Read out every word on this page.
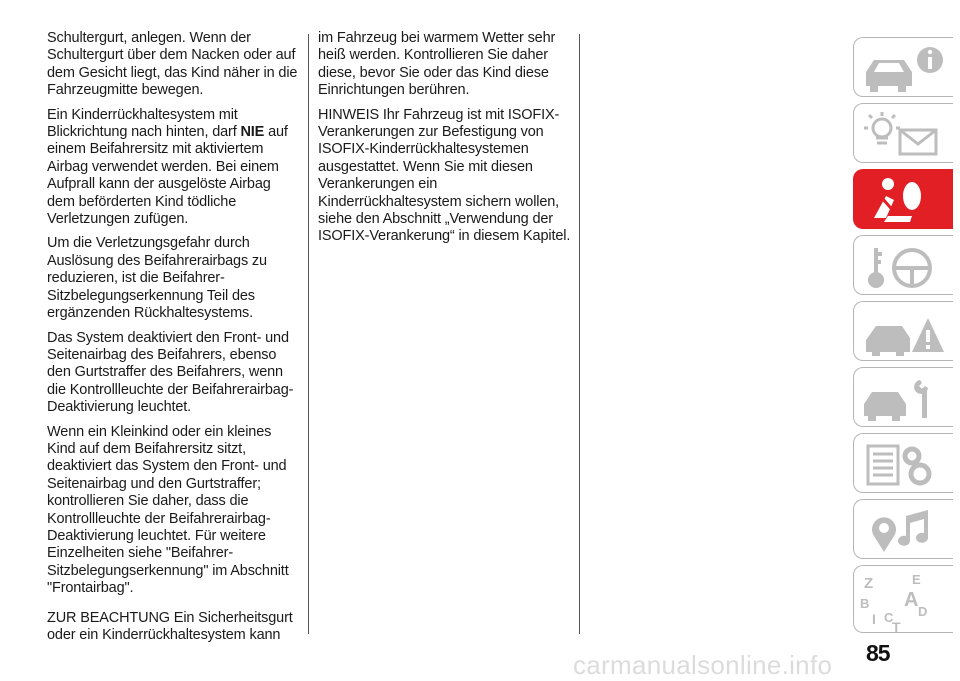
Schultergurt, anlegen. Wenn der Schultergurt über dem Nacken oder auf dem Gesicht liegt, das Kind näher in die Fahrzeugmitte bewegen.

Ein Kinderrückhaltesystem mit Blickrichtung nach hinten, darf NIE auf einem Beifahrersitz mit aktiviertem Airbag verwendet werden. Bei einem Aufprall kann der ausgelöste Airbag dem beförderten Kind tödliche Verletzungen zufügen.

Um die Verletzungsgefahr durch Auslösung des Beifahrerairbags zu reduzieren, ist die Beifahrer-Sitzbelegungserkennung Teil des ergänzenden Rückhaltesystems.

Das System deaktiviert den Front- und Seitenairbag des Beifahrers, ebenso den Gurtstraffer des Beifahrers, wenn die Kontrollleuchte der Beifahrerairbag-Deaktivierung leuchtet.

Wenn ein Kleinkind oder ein kleines Kind auf dem Beifahrersitz sitzt, deaktiviert das System den Front- und Seitenairbag und den Gurtstraffer; kontrollieren Sie daher, dass die Kontrollleuchte der Beifahrerairbag-Deaktivierung leuchtet. Für weitere Einzelheiten siehe "Beifahrer-Sitzbelegungserkennung" im Abschnitt "Frontairbag".

ZUR BEACHTUNG Ein Sicherheitsgurt oder ein Kinderrückhaltesystem kann

im Fahrzeug bei warmem Wetter sehr heiß werden. Kontrollieren Sie daher diese, bevor Sie oder das Kind diese Einrichtungen berühren.

HINWEIS Ihr Fahrzeug ist mit ISOFIX-Verankerungen zur Befestigung von ISOFIX-Kinderrückhaltesystemen ausgestattet. Wenn Sie mit diesen Verankerungen ein Kinderrückhaltesystem sichern wollen, siehe den Abschnitt „Verwendung der ISOFIX-Verankerung“ in diesem Kapitel.

Z	E
B A
C D
I T
85
carmanualsonline.info
